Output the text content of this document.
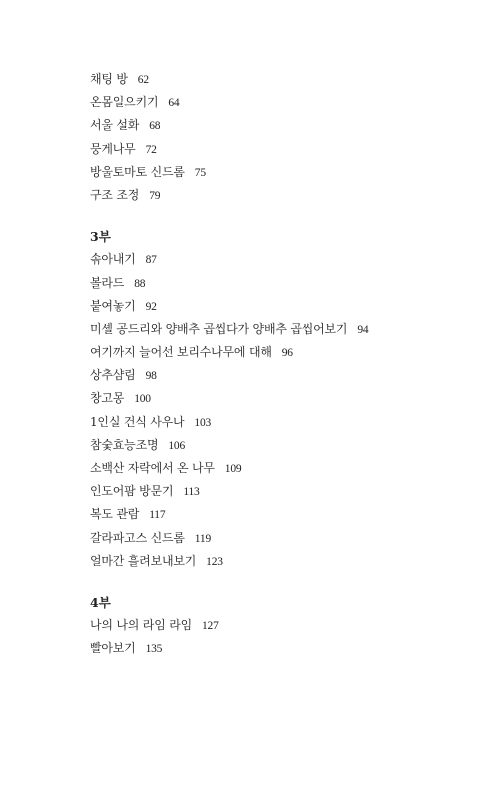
채팅 방 62
온몸일으키기 64
서울 설화 68
뭉게나무 72
방울토마토 신드롬 75
구조 조정 79
3부
솎아내기 87
볼라드 88
붙여놓기 92
미셸 공드리와 양배추 곱씹다가 양배추 곱씹어보기 94
여기까지 늘어선 보리수나무에 대해 96
상추샴림 98
창고몽 100
1인실 건식 사우나 103
참숯효능조명 106
소백산 자락에서 온 나무 109
인도어팜 방문기 113
복도 관람 117
갈라파고스 신드롬 119
얼마간 흘려보내보기 123
4부
나의 나의 라임 라임 127
빨아보기 135
